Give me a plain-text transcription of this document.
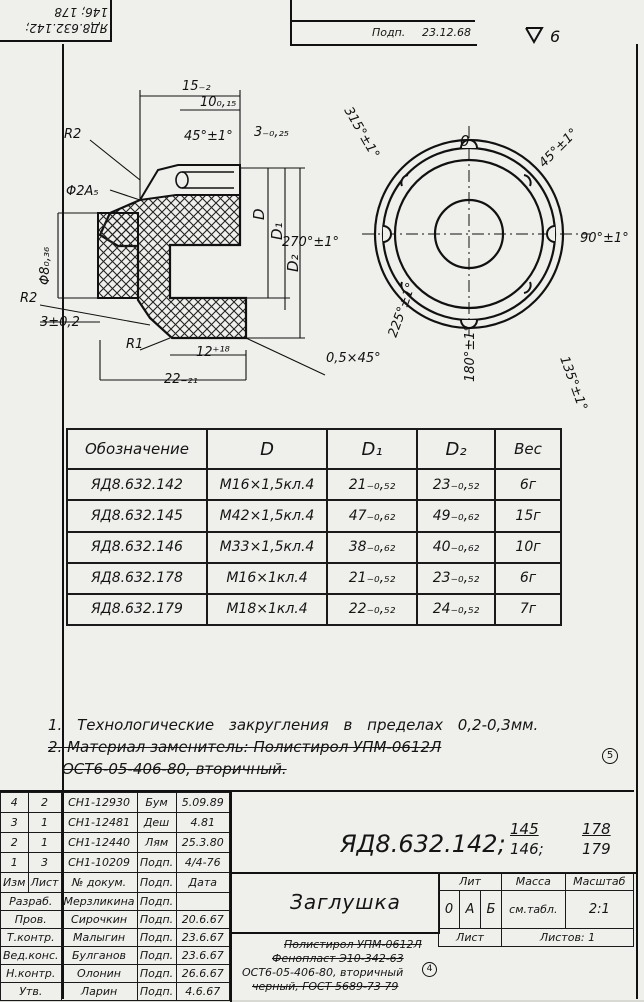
ЯД8.632.142; 146; 178
Подп. 23.12.68	6
R2
15₋₂
10₀,₁₅
45°±1° 3₋₀,₂₅
Φ2А₅
Φ8₀,₃₆
D
D₁
D₂
R2
3±0,2
R1
12⁺¹⁸	0,5×45°
22₋₂₁
0	45°±1°
90°±1°
135°±1°
180°±1°
225°±1°
270°±1°
315°±1°
Обозначение	D	D₁	D₂	Вес
ЯД8.632.142	M16×1,5кл.4	21₋₀,₅₂	23₋₀,₅₂	6г
ЯД8.632.145	M42×1,5кл.4	47₋₀,₆₂	49₋₀,₆₂	15г
ЯД8.632.146	M33×1,5кл.4	38₋₀,₆₂	40₋₀,₆₂	10г
ЯД8.632.178	M16×1кл.4	21₋₀,₅₂	23₋₀,₅₂	6г
ЯД8.632.179	M18×1кл.4	22₋₀,₅₂	24₋₀,₅₂	7г
1. Технологические закругления в пределах 0,2-0,3мм.
2. Материал заменитель: Полистирол УПМ-0612Л
ОСТ6-05-406-80, вторичный.
5
4	2	СН1-12930	Бум	5.09.89
3	1	СН1-12481	Деш	4.81
2	1	СН1-12440	Лям	25.3.80
1	3	СН1-10209	Подп.	4/4-76
Изм	Лист	№ докум.	Подп.	Дата
Разраб.		Мерзликина	Подп.	
Пров.		Сирочкин	Подп.	20.6.67
Т.контр.		Малыгин	Подп.	23.6.67
Вед.конс.		Булганов	Подп.	23.6.67
Н.контр.		Олонин	Подп.	26.6.67
Утв.		Ларин	Подп.	4.6.67
ЯД8.632.142;
145
146;
178
179
Заглушка
Лит			Масса	Масштаб
0	А	Б	см.табл.	2:1
Лист			Листов: 1	
Полистирол УПМ-0612Л
Фенопласт Э10-342-63
ОСТ6-05-406-80, вторичный
черный, ГОСТ 5689-73 79
4
